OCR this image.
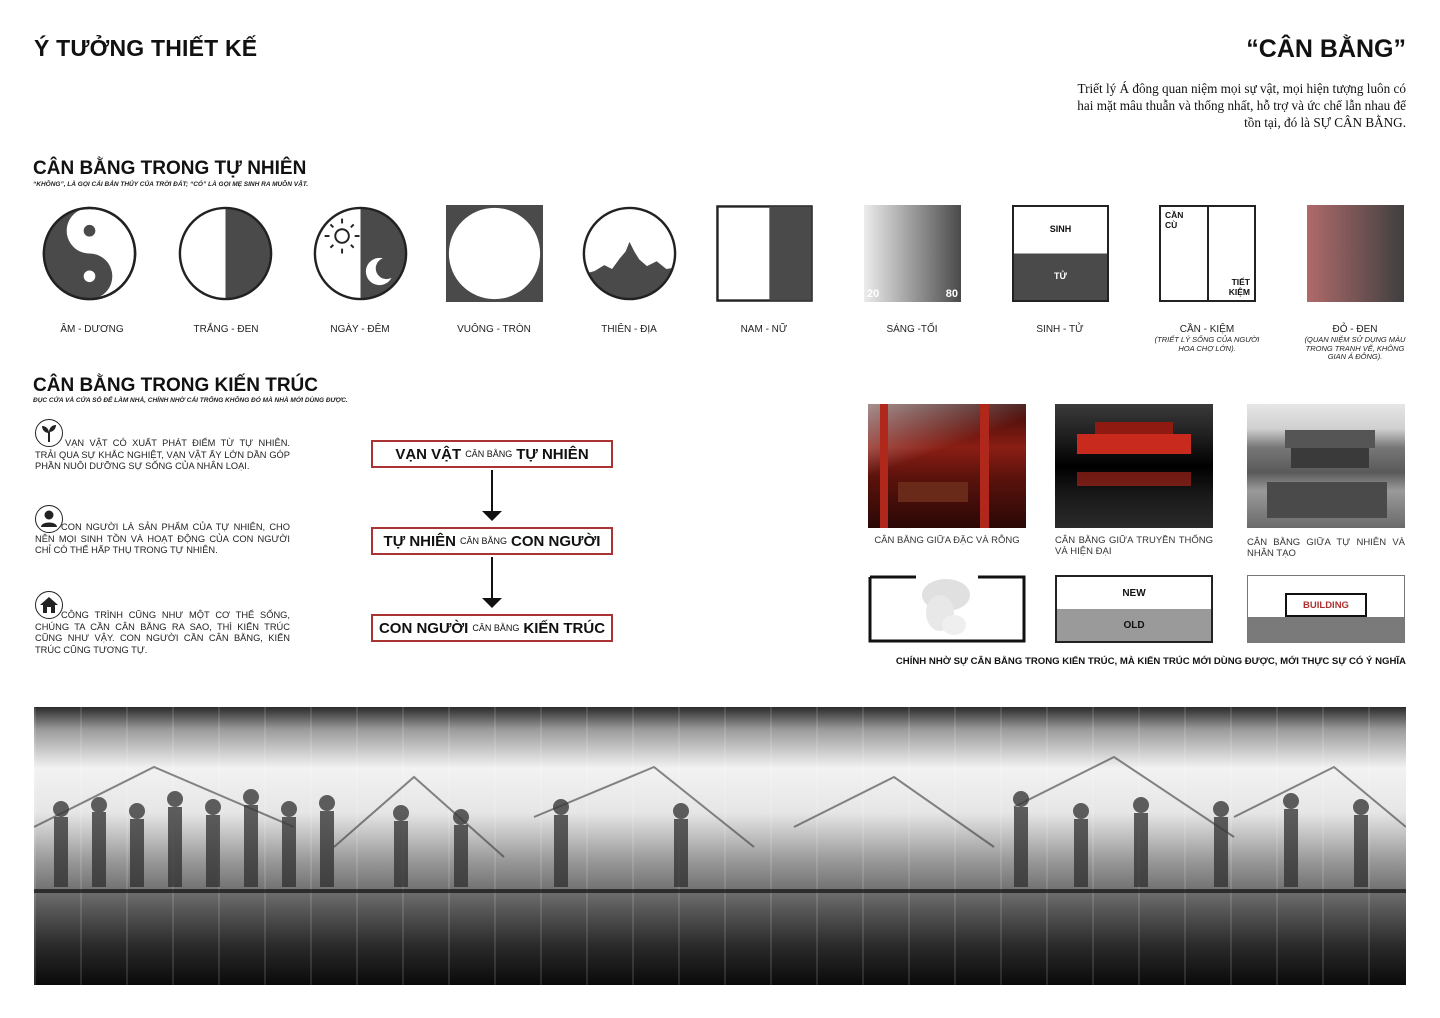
Ý TƯỞNG THIẾT KẾ	“CÂN BẰNG”
Triết lý Á đông quan niệm mọi sự vật, mọi hiện tượng luôn có hai mặt mâu thuẫn và thống nhất, hỗ trợ và ức chế lẫn nhau để tồn tại, đó là SỰ CÂN BẰNG.
CÂN BẰNG TRONG TỰ NHIÊN
“KHÔNG”, LÀ GỌI CÁI BẢN THỦY CỦA TRỜI ĐẤT; “CÓ” LÀ GỌI MẸ SINH RA MUÔN VẬT.
20	80
SINH
TỬ
CẦN CÙ
TIẾT KIỆM
ÂM - DƯƠNG	TRẮNG - ĐEN	NGÀY - ĐÊM	VUÔNG - TRÒN	THIÊN - ĐỊA	NAM - NỮ	SÁNG -TỐI	SINH - TỬ	CẦN - KIỆM
(TRIẾT LÝ SỐNG CỦA NGƯỜI HOA CHỢ LỚN).
ĐỎ - ĐEN
(QUAN NIỆM SỬ DỤNG MÀU TRONG TRANH VẼ, KHÔNG GIAN Á ĐÔNG).
CÂN BẰNG TRONG KIẾN TRÚC
ĐỤC CỬA VÀ CỬA SỔ ĐỂ LÀM NHÀ, CHÍNH NHỜ CÁI TRỐNG KHÔNG ĐÓ MÀ NHÀ MỚI DÙNG ĐƯỢC.
VẠN VẬT CÓ XUẤT PHÁT ĐIỂM TỪ TỰ NHIÊN. TRẢI QUA SỰ KHẮC NGHIỆT, VẠN VẬT ẤY LỚN DẦN GÓP PHẦN NUÔI DƯỠNG SỰ SỐNG CỦA NHÂN LOẠI.
CON NGƯỜI LÀ SẢN PHẨM CỦA TỰ NHIÊN, CHO NÊN MỌI SINH TỒN VÀ HOẠT ĐỘNG CỦA CON NGƯỜI CHỈ CÓ THỂ HẤP THỤ TRONG TỰ NHIÊN.
CÔNG TRÌNH CŨNG NHƯ MỘT CƠ THỂ SỐNG, CHÚNG TA CẦN CÂN BẰNG RA SAO, THÌ KIẾN TRÚC CŨNG NHƯ VẬY. CON NGƯỜI CẦN CÂN BẰNG, KIẾN TRÚC CŨNG TƯƠNG TỰ.
VẠN VẬT CÂN BẰNG TỰ NHIÊN
TỰ NHIÊN CÂN BẰNG CON NGƯỜI
CON NGƯỜI CÂN BẰNG KIẾN TRÚC
CÂN BẰNG GIỮA ĐẶC VÀ RỖNG	CÂN BẰNG GIỮA TRUYỀN THỐNG VÀ HIỆN ĐẠI
CÂN BẰNG GIỮA TỰ NHIÊN VÀ NHÂN TẠO
NEW
OLD
BUILDING
CHÍNH NHỜ SỰ CÂN BẰNG TRONG KIẾN TRÚC, MÀ KIẾN TRÚC MỚI DÙNG ĐƯỢC, MỚI THỰC SỰ CÓ Ý NGHĨA
